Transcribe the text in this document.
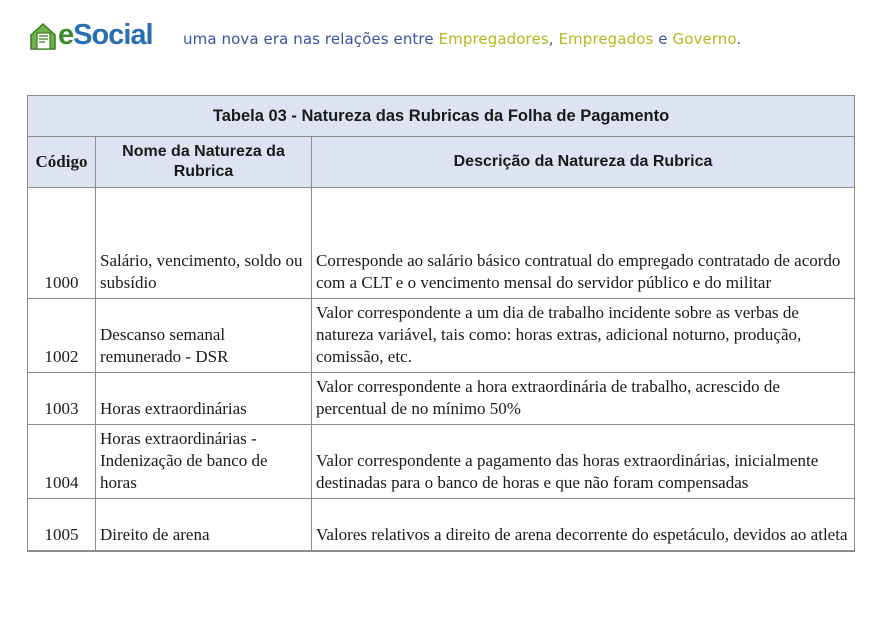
eSocial uma nova era nas relações entre Empregadores, Empregados e Governo.
Tabela 03 - Natureza das Rubricas da Folha de Pagamento		
Código	Nome da Natureza da Rubrica	Descrição da Natureza da Rubrica
1000	Salário, vencimento, soldo ou subsídio	Corresponde ao salário básico contratual do empregado contratado de acordo com a CLT e o vencimento mensal do servidor público e do militar
1002	Descanso semanal remunerado - DSR	Valor correspondente a um dia de trabalho incidente sobre as verbas de natureza variável, tais como: horas extras, adicional noturno, produção, comissão, etc.
1003	Horas extraordinárias	Valor correspondente a hora extraordinária de trabalho, acrescido de percentual de no mínimo 50%
1004	Horas extraordinárias - Indenização de banco de horas	Valor correspondente a pagamento das horas extraordinárias, inicialmente destinadas para o banco de horas e que não foram compensadas
1005	Direito de arena	Valores relativos a direito de arena decorrente do espetáculo, devidos ao atleta
